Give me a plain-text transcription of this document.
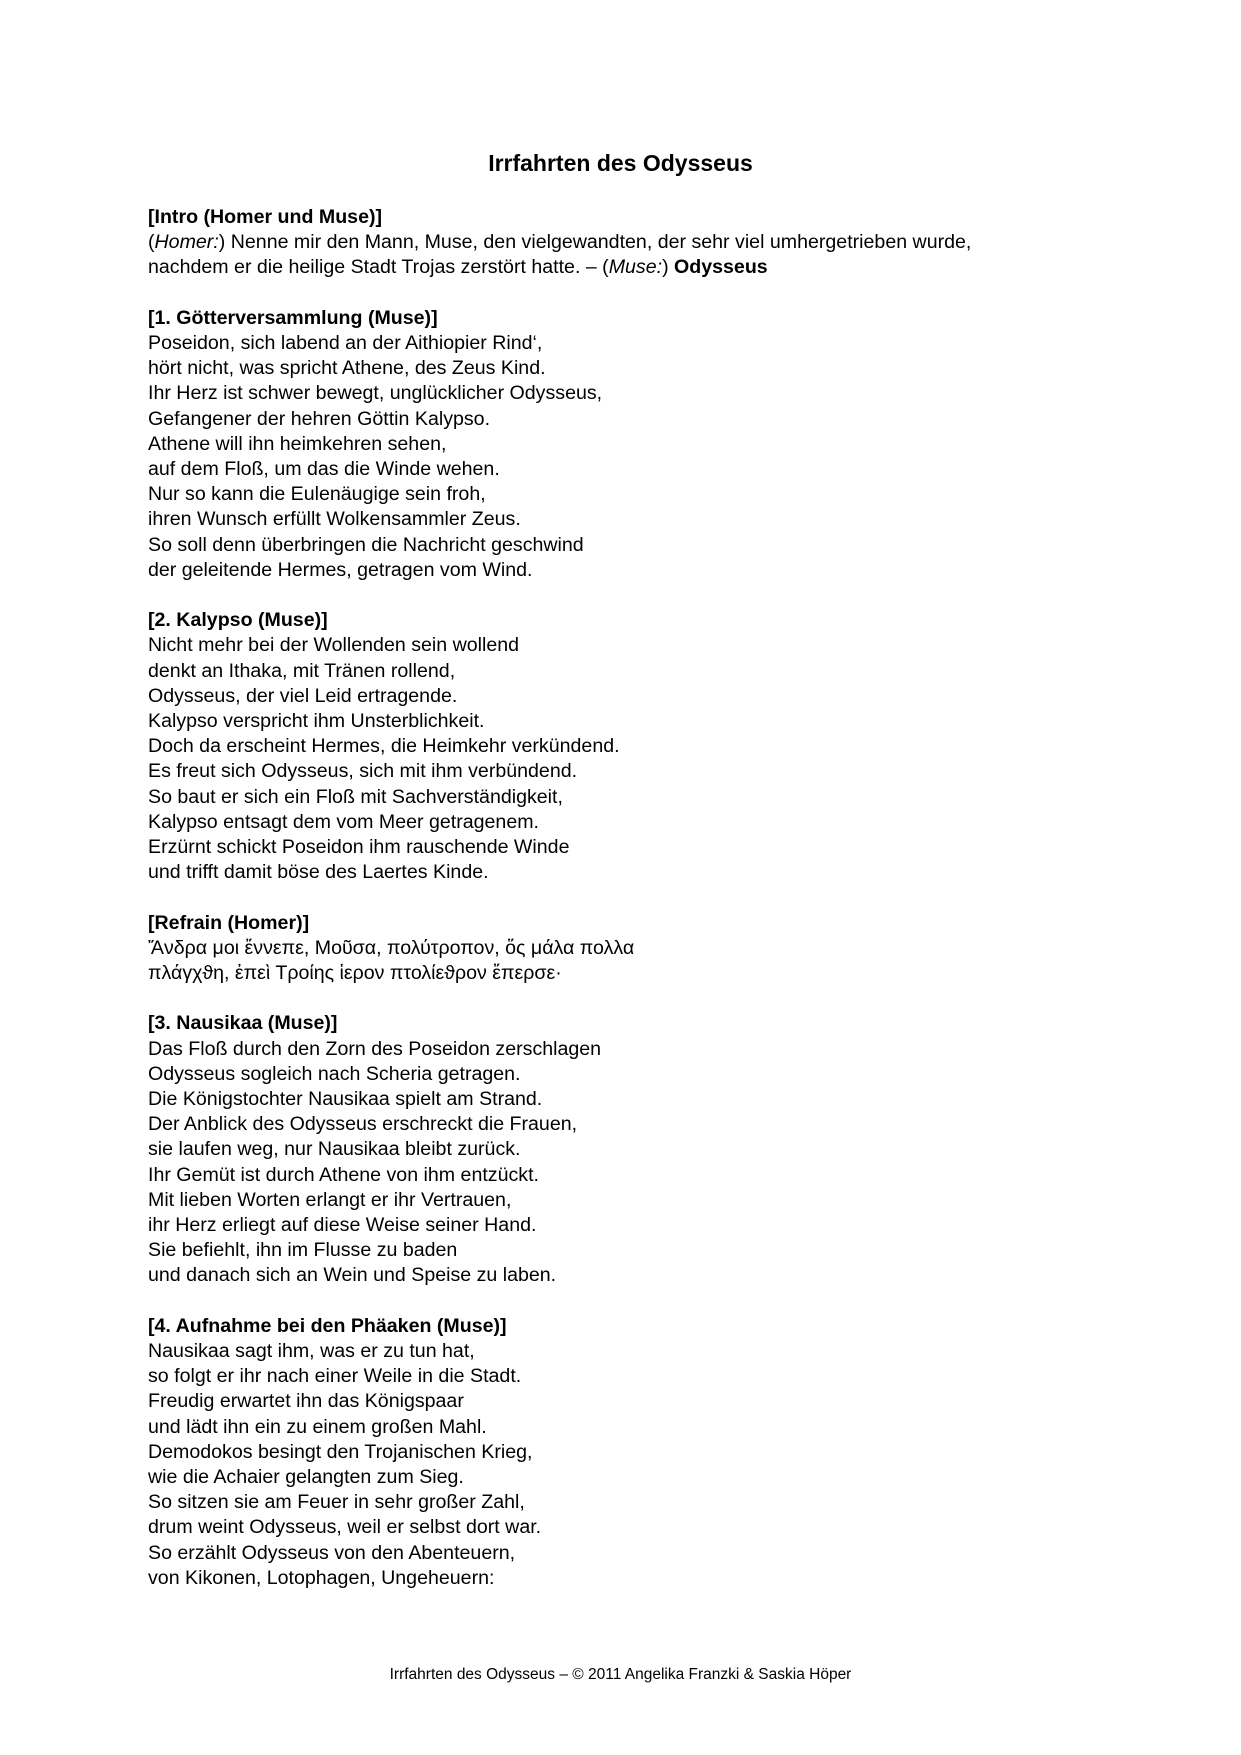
Irrfahrten des Odysseus
[Intro (Homer und Muse)]
(Homer:) Nenne mir den Mann, Muse, den vielgewandten, der sehr viel umhergetrieben wurde,
nachdem er die heilige Stadt Trojas zerstört hatte. – (Muse:) Odysseus
[1. Götterversammlung (Muse)]
Poseidon, sich labend an der Aithiopier Rind‘,
hört nicht, was spricht Athene, des Zeus Kind.
Ihr Herz ist schwer bewegt, unglücklicher Odysseus,
Gefangener der hehren Göttin Kalypso.
Athene will ihn heimkehren sehen,
auf dem Floß, um das die Winde wehen.
Nur so kann die Eulenäugige sein froh,
ihren Wunsch erfüllt Wolkensammler Zeus.
So soll denn überbringen die Nachricht geschwind
der geleitende Hermes, getragen vom Wind.
[2. Kalypso (Muse)]
Nicht mehr bei der Wollenden sein wollend
denkt an Ithaka, mit Tränen rollend,
Odysseus, der viel Leid ertragende.
Kalypso verspricht ihm Unsterblichkeit.
Doch da erscheint Hermes, die Heimkehr verkündend.
Es freut sich Odysseus, sich mit ihm verbündend.
So baut er sich ein Floß mit Sachverständigkeit,
Kalypso entsagt dem vom Meer getragenem.
Erzürnt schickt Poseidon ihm rauschende Winde
und trifft damit böse des Laertes Kinde.
[Refrain (Homer)]
Ἄνδρα μοι ἔννεπε, Μοῦσα, πολύτροπον, ὅς μάλα πολλα
πλάγχϑη, ἐπεὶ Τροίης ἱερον πτολίεϑρον ἔπερσε·
[3. Nausikaa (Muse)]
Das Floß durch den Zorn des Poseidon zerschlagen
Odysseus sogleich nach Scheria getragen.
Die Königstochter Nausikaa spielt am Strand.
Der Anblick des Odysseus erschreckt die Frauen,
sie laufen weg, nur Nausikaa bleibt zurück.
Ihr Gemüt ist durch Athene von ihm entzückt.
Mit lieben Worten erlangt er ihr Vertrauen,
ihr Herz erliegt auf diese Weise seiner Hand.
Sie befiehlt, ihn im Flusse zu baden
und danach sich an Wein und Speise zu laben.
[4. Aufnahme bei den Phäaken (Muse)]
Nausikaa sagt ihm, was er zu tun hat,
so folgt er ihr nach einer Weile in die Stadt.
Freudig erwartet ihn das Königspaar
und lädt ihn ein zu einem großen Mahl.
Demodokos besingt den Trojanischen Krieg,
wie die Achaier gelangten zum Sieg.
So sitzen sie am Feuer in sehr großer Zahl,
drum weint Odysseus, weil er selbst dort war.
So erzählt Odysseus von den Abenteuern,
von Kikonen, Lotophagen, Ungeheuern:
Irrfahrten des Odysseus – © 2011 Angelika Franzki & Saskia Höper
